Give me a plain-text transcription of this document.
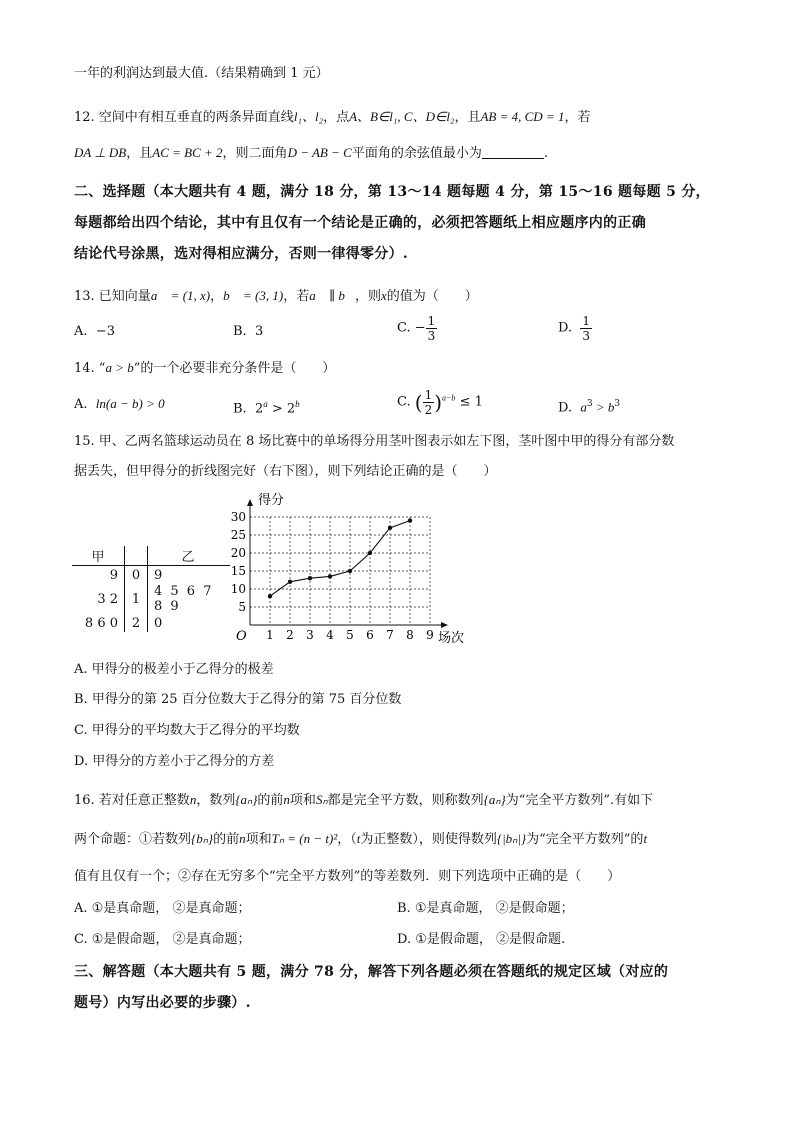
一年的利润达到最大值.（结果精确到 1 元）
12. 空间中有相互垂直的两条异面直线l₁、l₂，点A、B∈l₁, C、D∈l₂，且AB = 4, CD = 1，若
DA ⊥ DB，且AC = BC + 2，则二面角D − AB − C平面角的余弦值最小为	.
二、选择题（本大题共有 4 题，满分 18 分，第 13～14 题每题 4 分，第 15～16 题每题 5 分，
每题都给出四个结论，其中有且仅有一个结论是正确的，必须把答题纸上相应题序内的正确
结论代号涂黑，选对得相应满分，否则一律得零分）.
13. 已知向量a⃗ = (1, x)，b⃗ = (3, 1)，若a⃗ ∥ b⃗，则x的值为（　　）
A. −3	B. 3	C. − $\frac{1}{3}$	D. $\frac{1}{3}$
14. “a > b”的一个必要非充分条件是（　　）
A. ln(a − b) > 0	B. $2^a > 2^b$	C. ( $\frac{1}{2} )^{a-b} \le 1$	D. $a^3 > b^3$
15. 甲、乙两名篮球运动员在 8 场比赛中的单场得分用茎叶图表示如左下图，茎叶图中甲的得分有部分数
据丢失，但甲得分的折线图完好（右下图），则下列结论正确的是（　　）
甲		乙
9	0	9
3 2	1	4 5 6 7 8 9
8 6 0	2	0
1 2 3 4 5 6 7 8 9
5
10
15
20
25
30
得分
场次
O
A. 甲得分的极差小于乙得分的极差
B. 甲得分的第 25 百分位数大于乙得分的第 75 百分位数
C. 甲得分的平均数大于乙得分的平均数
D. 甲得分的方差小于乙得分的方差
16. 若对任意正整数n，数列{aₙ}的前n项和Sₙ都是完全平方数，则称数列{aₙ}为“完全平方数列”.有如下
两个命题：①若数列{bₙ}的前n项和Tₙ = (n − t)²，（t为正整数），则使得数列{|bₙ|}为“完全平方数列”的t
值有且仅有一个；②存在无穷多个“完全平方数列”的等差数列．则下列选项中正确的是（　　）
A. ①是真命题， ②是真命题；	B. ①是真命题， ②是假命题；
C. ①是假命题， ②是真命题；	D. ①是假命题， ②是假命题.
三、解答题（本大题共有 5 题，满分 78 分，解答下列各题必须在答题纸的规定区域（对应的
题号）内写出必要的步骤）.
